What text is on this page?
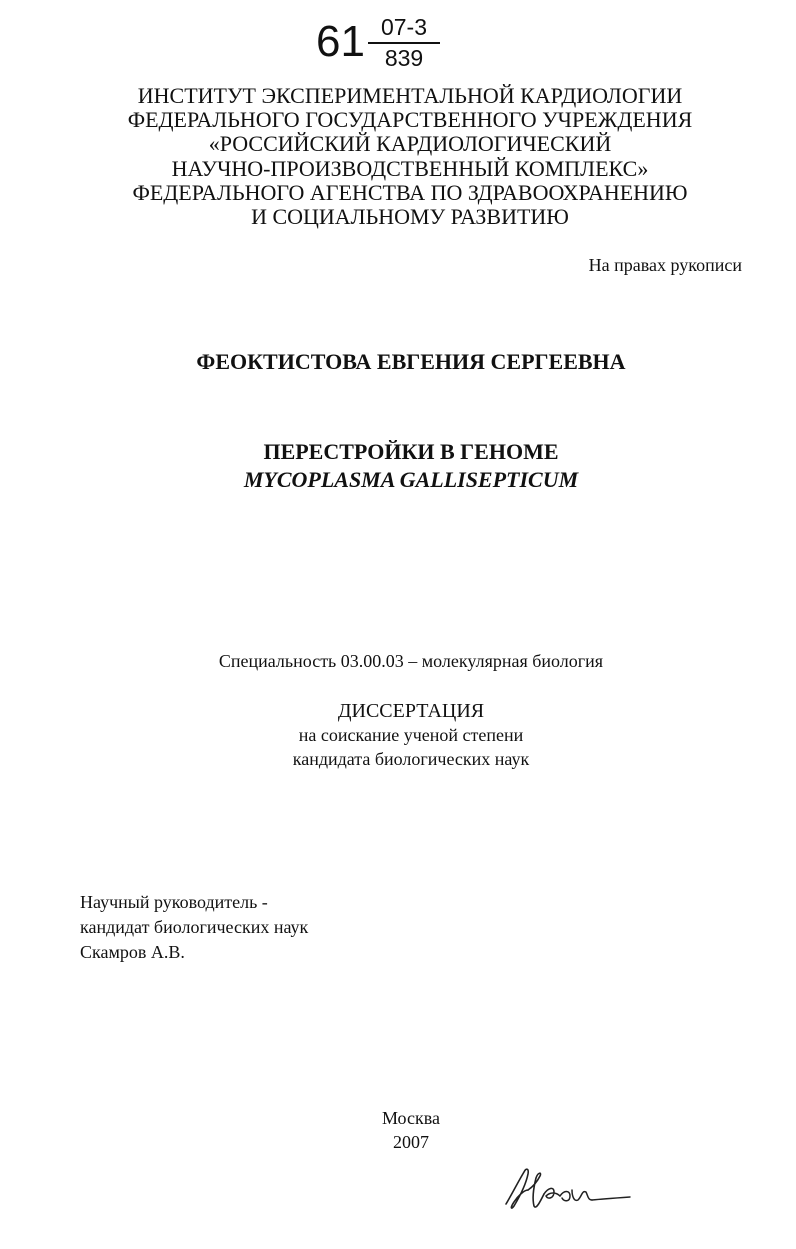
61 07-3
839
ИНСТИТУТ ЭКСПЕРИМЕНТАЛЬНОЙ КАРДИОЛОГИИ
ФЕДЕРАЛЬНОГО ГОСУДАРСТВЕННОГО УЧРЕЖДЕНИЯ
«РОССИЙСКИЙ КАРДИОЛОГИЧЕСКИЙ
НАУЧНО-ПРОИЗВОДСТВЕННЫЙ КОМПЛЕКС»
ФЕДЕРАЛЬНОГО АГЕНСТВА ПО ЗДРАВООХРАНЕНИЮ
И СОЦИАЛЬНОМУ РАЗВИТИЮ
На правах рукописи
ФЕОКТИСТОВА ЕВГЕНИЯ СЕРГЕЕВНА
ПЕРЕСТРОЙКИ В ГЕНОМЕ
MYCOPLASMA GALLISEPTICUM
Специальность 03.00.03 – молекулярная биология
ДИССЕРТАЦИЯ
на соискание ученой степени
кандидата биологических наук
Научный руководитель -
кандидат биологических наук
Скамров А.В.
Москва
2007
